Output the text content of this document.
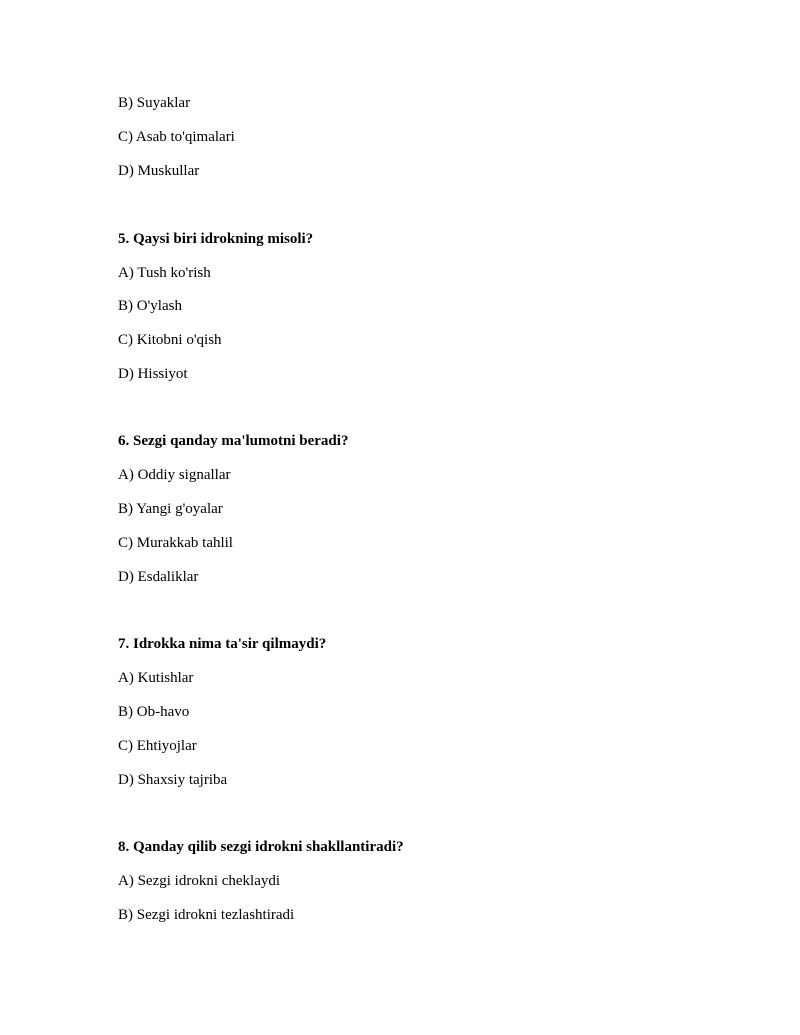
B) Suyaklar
C) Asab to'qimalari
D) Muskullar
5. Qaysi biri idrokning misoli?
A) Tush ko'rish
B) O'ylash
C) Kitobni o'qish
D) Hissiyot
6. Sezgi qanday ma'lumotni beradi?
A) Oddiy signallar
B) Yangi g'oyalar
C) Murakkab tahlil
D) Esdaliklar
7. Idrokka nima ta'sir qilmaydi?
A) Kutishlar
B) Ob-havo
C) Ehtiyojlar
D) Shaxsiy tajriba
8. Qanday qilib sezgi idrokni shakllantiradi?
A) Sezgi idrokni cheklaydi
B) Sezgi idrokni tezlashtiradi
